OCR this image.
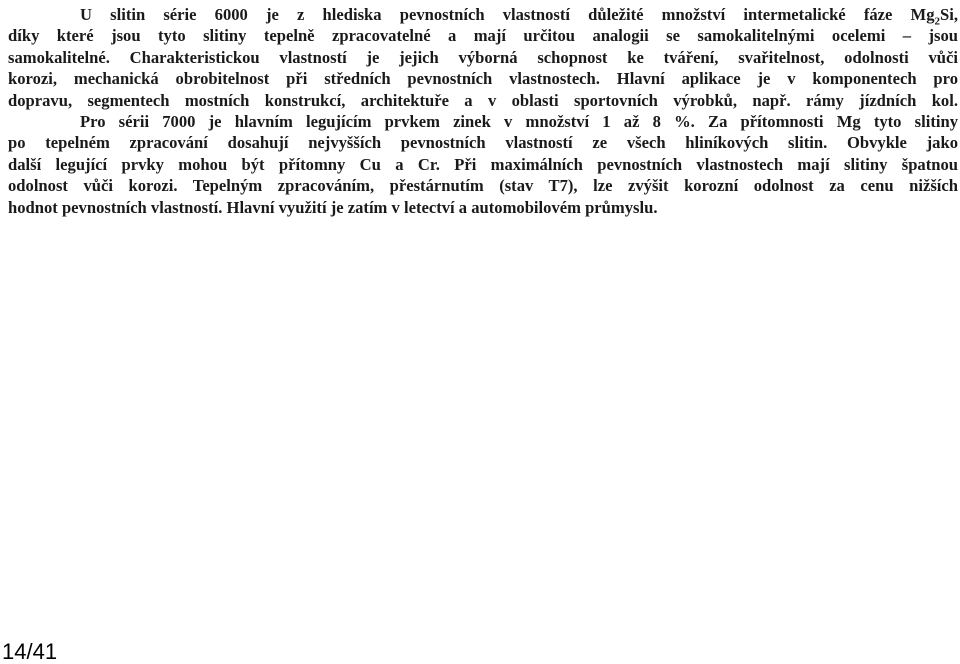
U slitin série 6000 je z hlediska pevnostních vlastností důležité množství intermetalické fáze $Mg_2Si$,
díky které jsou tyto slitiny tepelně zpracovatelné a mají určitou analogii se samokalitelnými ocelemi – jsou
samokalitelné. Charakteristickou vlastností je jejich výborná schopnost ke tváření, svařitelnost, odolnosti vůči
korozi, mechanická obrobitelnost při středních pevnostních vlastnostech. Hlavní aplikace je v komponentech pro
dopravu, segmentech mostních konstrukcí, architektuře a v oblasti sportovních výrobků, např. rámy jízdních kol.
Pro sérii 7000 je hlavním legujícím prvkem zinek v množství 1 až 8 %. Za přítomnosti Mg tyto slitiny
po tepelném zpracování dosahují nejvyšších pevnostních vlastností ze všech hliníkových slitin. Obvykle jako
další legující prvky mohou být přítomny Cu a Cr. Při maximálních pevnostních vlastnostech mají slitiny špatnou
odolnost vůči korozi. Tepelným zpracováním, přestárnutím (stav T7), lze zvýšit korozní odolnost za cenu nižších
hodnot pevnostních vlastností. Hlavní využití je zatím v letectví a automobilovém průmyslu.
14/41
